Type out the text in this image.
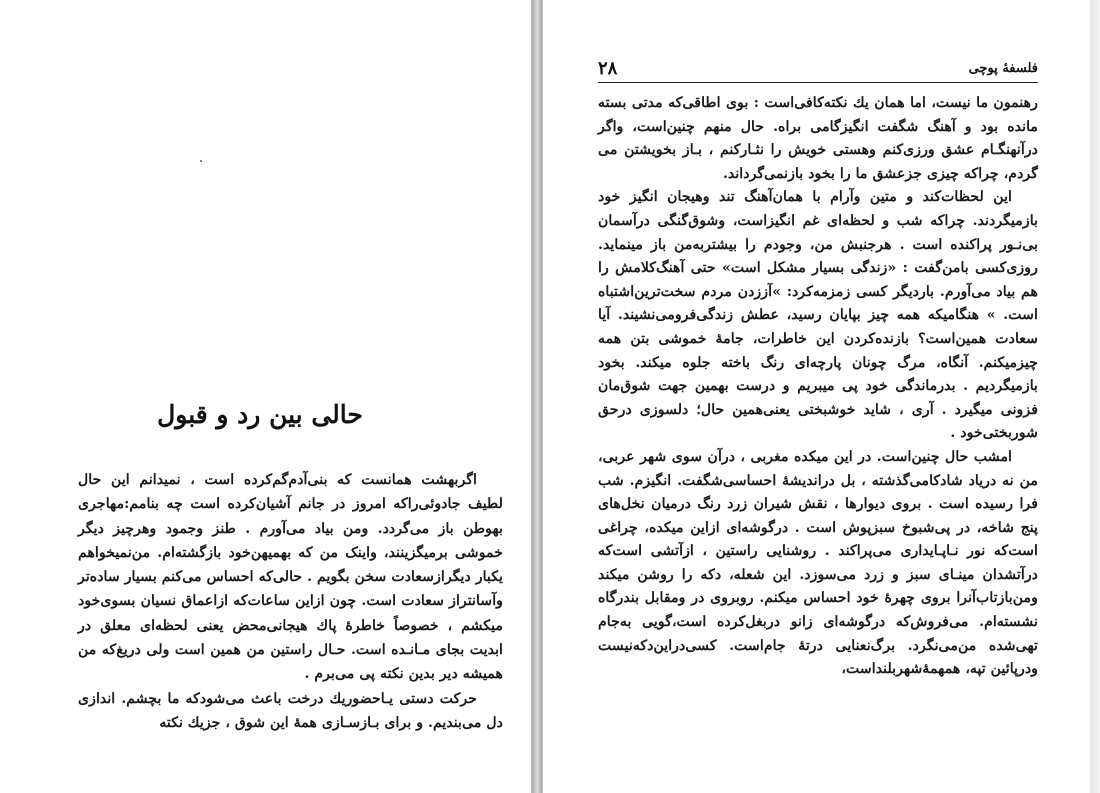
حالی بین رد و قبول

اگربهشت همانست که بنی‌آدم‌گم‌کرده است ، نمیدانم این حال لطیف جادوئی‌راکه امروز در جانم آشیان‌کرده است چه بنامم:مهاجری بهوطن باز می‌گردد. ومن بیاد می‌آورم . طنز وجمود وهرچیز دیگر خموشی برمیگزینند، واینک من که بهمیهن‌خود بازگشته‌ام. من‌نمیخواهم یکبار دیگرازسعادت سخن بگویم . حالی‌که احساس می‌کنم بسیار ساده‌تر وآسانتراز سعادت است. چون ازاین ساعات‌که ازاعماق نسیان بسوی‌خود میکشم ، خصوصاً خاطرهٔ پاك هیجانی‌محض یعنی لحظه‌ای معلق در ابدیت بجای مـانـده است. حـال راستین من همین است ولی دریغ‌که من همیشه دیر بدین نکته پی می‌برم .

حرکت دستی یـاحضوریك درخت باعث می‌شودکه ما بچشم. اندازی دل می‌بندیم. و برای بـازسـازی همهٔ این شوق ، جزیك نکته

۲۸	فلسفهٔ پوچی

رهنمون ما نیست، اما همان يك نکته‌کافی‌است : بوی اطاقی‌که مدتی بسته مانده بود و آهنگ شگفت انگیزگامی براه. حال منهم چنین‌است، واگر درآنهنگـام عشق ورزی‌کنم وهستی خویش را نثـارکنم ، بـاز بخویشتن می گردم، چراکه چیزی جزعشق ما را بخود بازنمی‌گرداند.

این لحظات‌کند و متین وآرام با همان‌آهنگ تند وهیجان انگیز خود بازمیگردند. چراکه شب و لحظه‌ای غم انگیزاست، وشوق‌گنگی درآسمان بی‌نـور پراکنده است . هرجنبش من، وجودم را بیشتربه‌من باز مینماید. روزی‌کسی بامن‌گفت : «زندگی بسیار مشکل است» حتی آهنگ‌کلامش را هم بیاد می‌آورم. باردیگر کسی زمزمه‌کرد: »آززدن مردم سخت‌ترین‌اشتباه است. » هنگامیکه همه چیز بپایان رسید، عطش زندگی‌فرومی‌نشیند. آیا سعادت همین‌است؟ بازنده‌کردن این خاطرات، جامهٔ خموشی بتن همه چیزمیکنم. آنگاه، مرگ چونان پارچه‌ای رنگ باخته جلوه میکند. بخود بازمیگردیم . بدرماندگی خود پی میبریم و درست بهمین جهت شوق‌مان فزونی میگیرد . آری ، شاید خوشبختی یعنی‌همین حال؛ دلسوزی درحق شوربختی‌خود .

امشب حال چنین‌است. در این میکده مغربی ، درآن سوی شهر عربی، من نه درياد شادکامی‌گذشته ، بل دراندیشهٔ احساسی‌شگفت. انگیزم. شب فرا رسیده است . بروی دیوارها ، نقش شیران زرد رنگ درمیان نخل‌های پنج شاخه، در پی‌شبوخ سبزپوش است . درگوشه‌ای ازاین میکده، چراغی است‌که نور نـاپـایداری می‌پراکند . روشنایی راستین ، ازآتشی است‌که درآتشدان مینـای سبز و زرد می‌سوزد. این شعله، دکه را روشن میکند ومن‌بازتاب‌آنرا بروی چهرهٔ خود احساس میکنم. روبروی در ومقابل بندرگاه نشسته‌ام. می‌فروش‌که درگوشه‌ای زانو دربغل‌کرده است،گویی به‌جام تهی‌شده من‌می‌نگرد. برگ‌نعنایی درتهٔ جام‌است. کسی‌دراین‌دکه‌نیست ودرپائین تپه، همهمهٔ‌شهربلنداست،
